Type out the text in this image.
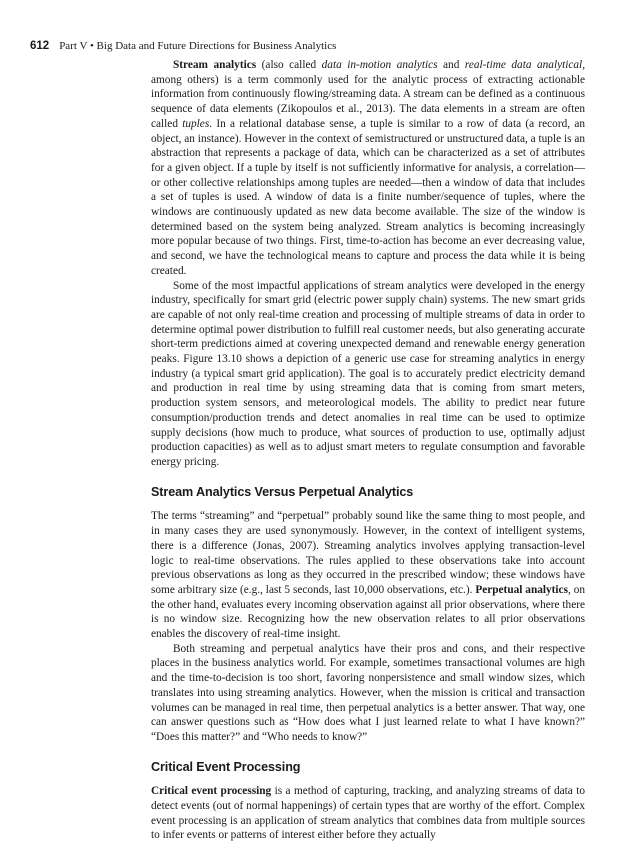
612 Part V • Big Data and Future Directions for Business Analytics

Stream analytics (also called data in-motion analytics and real-time data analytical, among others) is a term commonly used for the analytic process of extracting actionable information from continuously flowing/streaming data. A stream can be defined as a continuous sequence of data elements (Zikopoulos et al., 2013). The data elements in a stream are often called tuples. In a relational database sense, a tuple is similar to a row of data (a record, an object, an instance). However in the context of semistructured or unstructured data, a tuple is an abstraction that represents a package of data, which can be characterized as a set of attributes for a given object. If a tuple by itself is not sufficiently informative for analysis, a correlation—or other collective relationships among tuples are needed—then a window of data that includes a set of tuples is used. A window of data is a finite number/sequence of tuples, where the windows are continuously updated as new data become available. The size of the window is determined based on the system being analyzed. Stream analytics is becoming increasingly more popular because of two things. First, time-to-action has become an ever decreasing value, and second, we have the technological means to capture and process the data while it is being created.

Some of the most impactful applications of stream analytics were developed in the energy industry, specifically for smart grid (electric power supply chain) systems. The new smart grids are capable of not only real-time creation and processing of multiple streams of data in order to determine optimal power distribution to fulfill real customer needs, but also generating accurate short-term predictions aimed at covering unexpected demand and renewable energy generation peaks. Figure 13.10 shows a depiction of a generic use case for streaming analytics in energy industry (a typical smart grid application). The goal is to accurately predict electricity demand and production in real time by using streaming data that is coming from smart meters, production system sensors, and meteorological models. The ability to predict near future consumption/production trends and detect anomalies in real time can be used to optimize supply decisions (how much to produce, what sources of production to use, optimally adjust production capacities) as well as to adjust smart meters to regulate consumption and favorable energy pricing.

Stream Analytics Versus Perpetual Analytics

The terms “streaming” and “perpetual” probably sound like the same thing to most people, and in many cases they are used synonymously. However, in the context of intelligent systems, there is a difference (Jonas, 2007). Streaming analytics involves applying transaction-level logic to real-time observations. The rules applied to these observations take into account previous observations as long as they occurred in the prescribed window; these windows have some arbitrary size (e.g., last 5 seconds, last 10,000 observations, etc.). Perpetual analytics, on the other hand, evaluates every incoming observation against all prior observations, where there is no window size. Recognizing how the new observation relates to all prior observations enables the discovery of real-time insight.

Both streaming and perpetual analytics have their pros and cons, and their respective places in the business analytics world. For example, sometimes transactional volumes are high and the time-to-decision is too short, favoring nonpersistence and small window sizes, which translates into using streaming analytics. However, when the mission is critical and transaction volumes can be managed in real time, then perpetual analytics is a better answer. That way, one can answer questions such as “How does what I just learned relate to what I have known?” “Does this matter?” and “Who needs to know?”

Critical Event Processing

Critical event processing is a method of capturing, tracking, and analyzing streams of data to detect events (out of normal happenings) of certain types that are worthy of the effort. Complex event processing is an application of stream analytics that combines data from multiple sources to infer events or patterns of interest either before they actually
